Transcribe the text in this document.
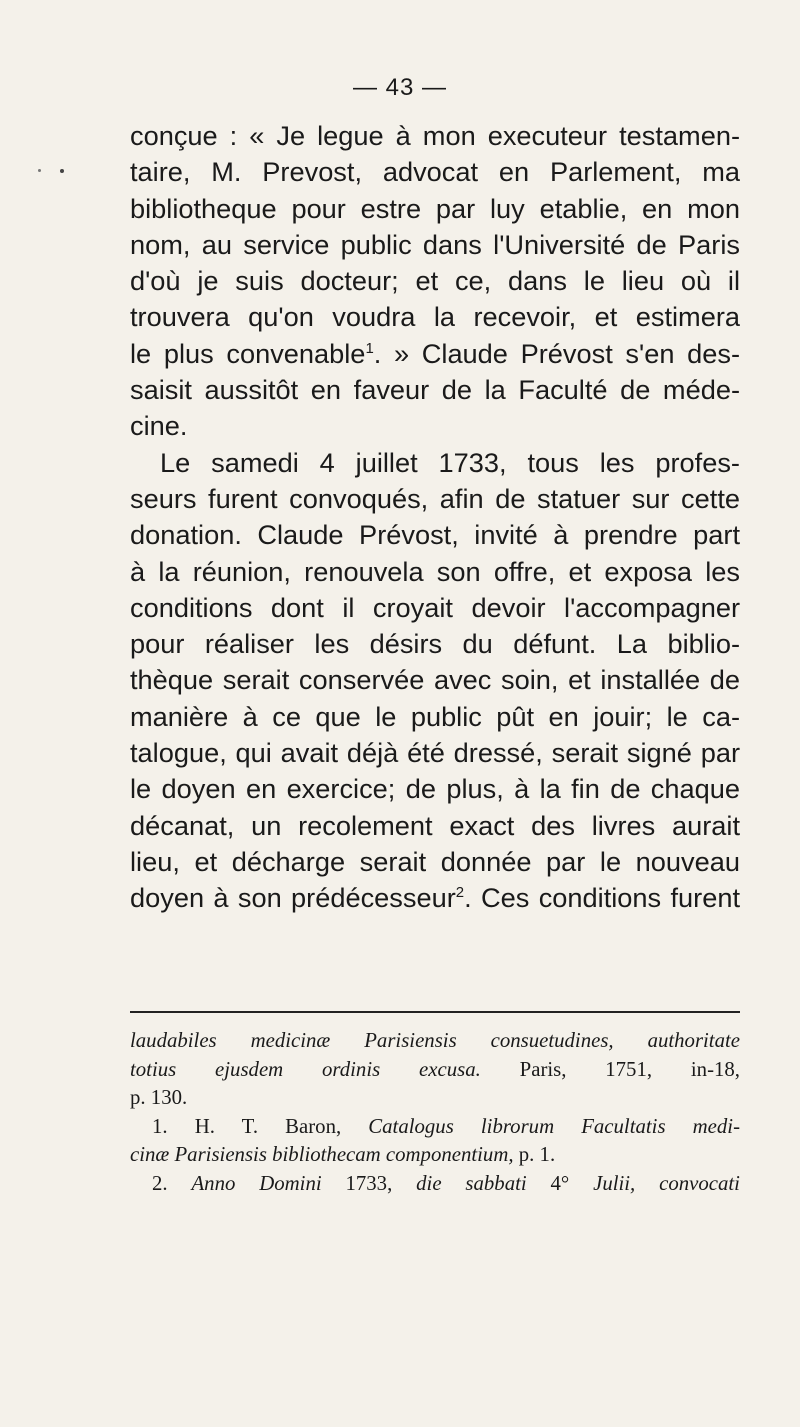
— 43 —
conçue : « Je legue à mon executeur testamen-
taire, M. Prevost, advocat en Parlement, ma
bibliotheque pour estre par luy etablie, en mon
nom, au service public dans l'Université de Paris
d'où je suis docteur; et ce, dans le lieu où il
trouvera qu'on voudra la recevoir, et estimera
le plus convenable$^1$. » Claude Prévost s'en des-
saisit aussitôt en faveur de la Faculté de méde-
cine.
Le samedi 4 juillet 1733, tous les profes-
seurs furent convoqués, afin de statuer sur cette
donation. Claude Prévost, invité à prendre part
à la réunion, renouvela son offre, et exposa les
conditions dont il croyait devoir l'accompagner
pour réaliser les désirs du défunt. La biblio-
thèque serait conservée avec soin, et installée de
manière à ce que le public pût en jouir; le ca-
talogue, qui avait déjà été dressé, serait signé par
le doyen en exercice; de plus, à la fin de chaque
décanat, un recolement exact des livres aurait
lieu, et décharge serait donnée par le nouveau
doyen à son prédécesseur$^2$. Ces conditions furent
laudabiles medicinæ Parisiensis consuetudines, authoritate
totius ejusdem ordinis excusa. Paris, 1751, in-18,
p. 130.
1. H. T. Baron, Catalogus librorum Facultatis medi-
cinæ Parisiensis bibliothecam componentium, p. 1.
2. Anno Domini 1733, die sabbati 4° Julii, convocati
